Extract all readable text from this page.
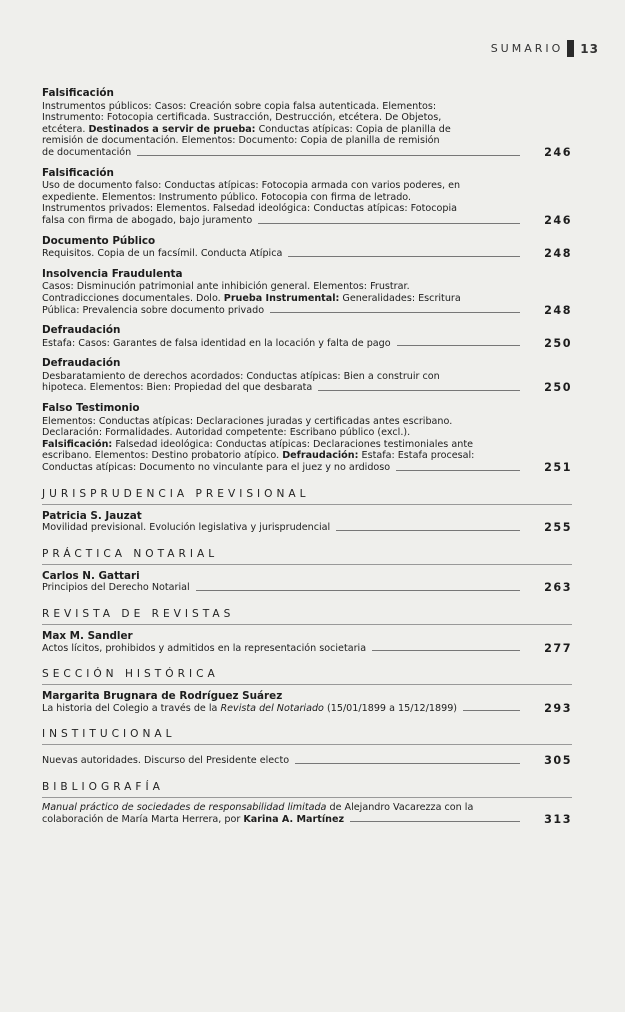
SUMARIO 13
Falsificación
Instrumentos públicos: Casos: Creación sobre copia falsa autenticada. Elementos:
Instrumento: Fotocopia certificada. Sustracción, Destrucción, etcétera. De Objetos,
etcétera. Destinados a servir de prueba: Conductas atípicas: Copia de planilla de
remisión de documentación. Elementos: Documento: Copia de planilla de remisión
de documentación	246
Falsificación
Uso de documento falso: Conductas atípicas: Fotocopia armada con varios poderes, en
expediente. Elementos: Instrumento público. Fotocopia con firma de letrado.
Instrumentos privados: Elementos. Falsedad ideológica: Conductas atípicas: Fotocopia
falsa con firma de abogado, bajo juramento	246
Documento Público
Requisitos. Copia de un facsímil. Conducta Atípica	248
Insolvencia Fraudulenta
Casos: Disminución patrimonial ante inhibición general. Elementos: Frustrar.
Contradicciones documentales. Dolo. Prueba Instrumental: Generalidades: Escritura
Pública: Prevalencia sobre documento privado	248
Defraudación
Estafa: Casos: Garantes de falsa identidad en la locación y falta de pago	250
Defraudación
Desbaratamiento de derechos acordados: Conductas atípicas: Bien a construir con
hipoteca. Elementos: Bien: Propiedad del que desbarata	250
Falso Testimonio
Elementos: Conductas atípicas: Declaraciones juradas y certificadas antes escribano.
Declaración: Formalidades. Autoridad competente: Escribano público (excl.).
Falsificación: Falsedad ideológica: Conductas atípicas: Declaraciones testimoniales ante
escribano. Elementos: Destino probatorio atípico. Defraudación: Estafa: Estafa procesal:
Conductas atípicas: Documento no vinculante para el juez y no ardidoso	251
JURISPRUDENCIA PREVISIONAL
Patricia S. Jauzat
Movilidad previsional. Evolución legislativa y jurisprudencial	255
PRÁCTICA NOTARIAL
Carlos N. Gattari
Principios del Derecho Notarial	263
REVISTA DE REVISTAS
Max M. Sandler
Actos lícitos, prohibidos y admitidos en la representación societaria	277
SECCIÓN HISTÓRICA
Margarita Brugnara de Rodríguez Suárez
La historia del Colegio a través de la Revista del Notariado (15/01/1899 a 15/12/1899)	293
INSTITUCIONAL
Nuevas autoridades. Discurso del Presidente electo	305
BIBLIOGRAFÍA
Manual práctico de sociedades de responsabilidad limitada de Alejandro Vacarezza con la
colaboración de María Marta Herrera, por Karina A. Martínez	313
